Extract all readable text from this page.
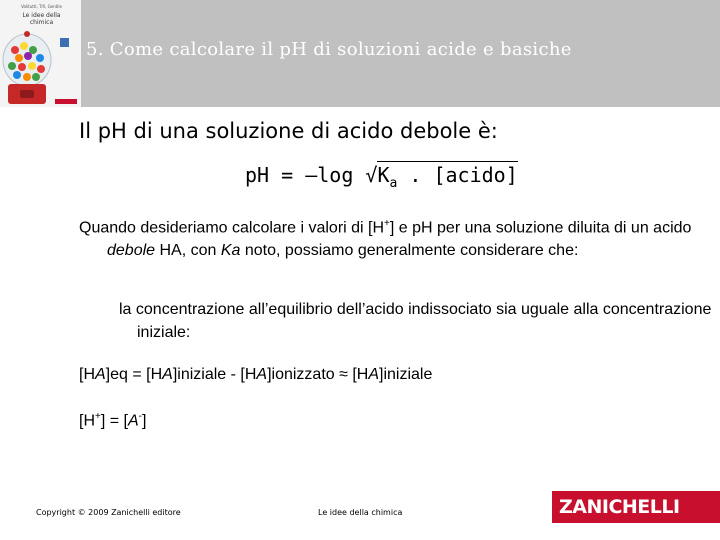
Valitutti, Tifi, Gentile
Le idee della chimica
5. Come calcolare il pH di soluzioni acide e basiche
Il pH di una soluzione di acido debole è:
pH = –log $√K_a$ . [acido]
Quando desideriamo calcolare i valori di [H+] e pH per una soluzione diluita di un acido debole HA, con Ka noto, possiamo generalmente considerare che:
la concentrazione all’equilibrio dell’acido indissociato sia uguale alla concentrazione iniziale:
[HA]eq = [HA]iniziale - [HA]ionizzato ≈ [HA]iniziale
[H+] = [A-]
Copyright © 2009 Zanichelli editore	Le idee della chimica	ZANICHELLI
